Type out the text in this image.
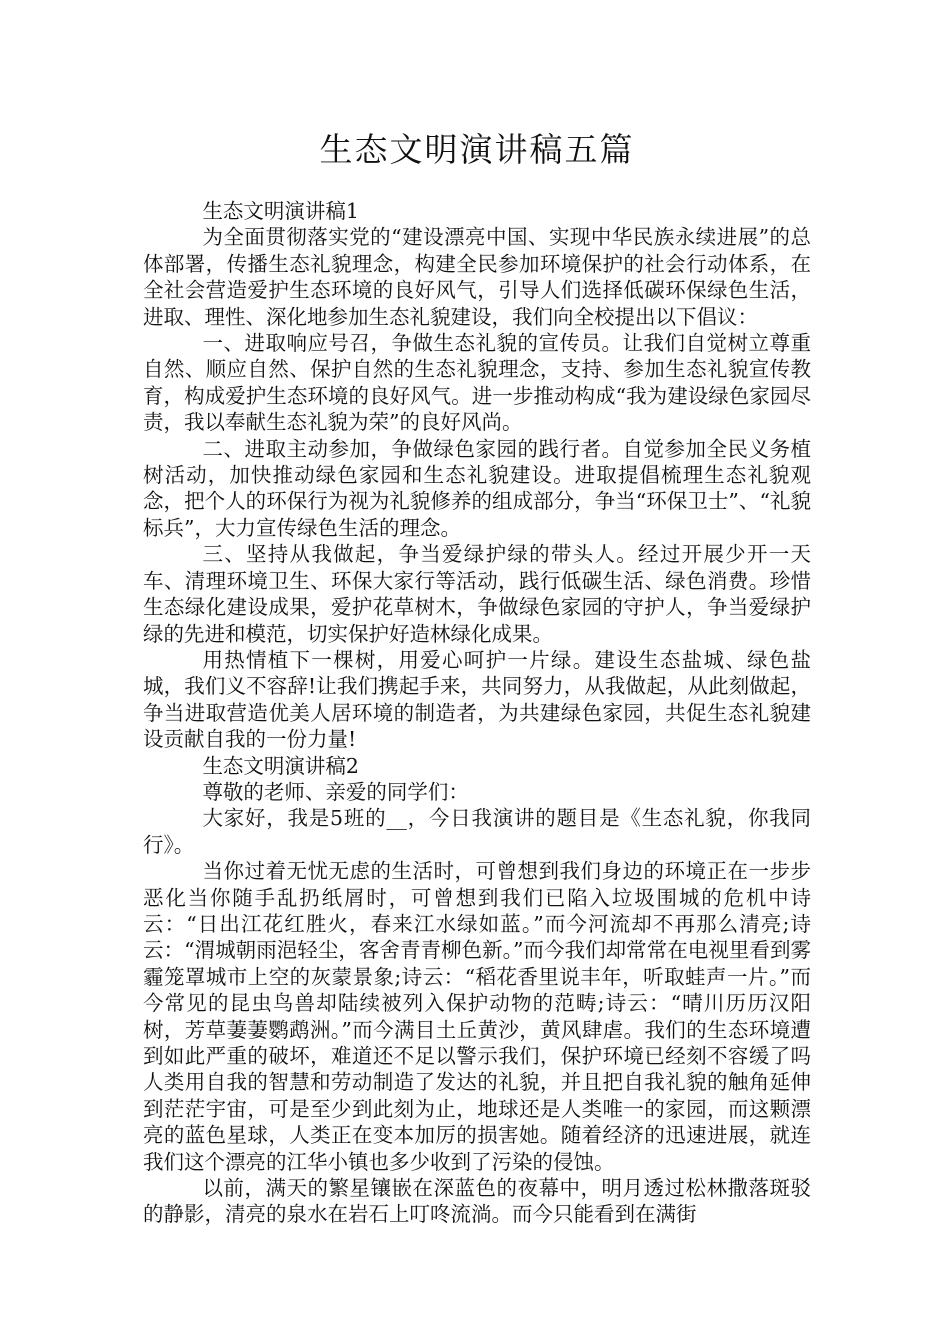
生态文明演讲稿五篇

生态文明演讲稿1

为全面贯彻落实党的“建设漂亮中国、实现中华民族永续进展”的总体部署，传播生态礼貌理念，构建全民参加环境保护的社会行动体系，在全社会营造爱护生态环境的良好风气，引导人们选择低碳环保绿色生活，进取、理性、深化地参加生态礼貌建设，我们向全校提出以下倡议：

一、进取响应号召，争做生态礼貌的宣传员。让我们自觉树立尊重自然、顺应自然、保护自然的生态礼貌理念，支持、参加生态礼貌宣传教育，构成爱护生态环境的良好风气。进一步推动构成“我为建设绿色家园尽责，我以奉献生态礼貌为荣”的良好风尚。

二、进取主动参加，争做绿色家园的践行者。自觉参加全民义务植树活动，加快推动绿色家园和生态礼貌建设。进取提倡梳理生态礼貌观念，把个人的环保行为视为礼貌修养的组成部分，争当“环保卫士”、“礼貌标兵”，大力宣传绿色生活的理念。

三、坚持从我做起，争当爱绿护绿的带头人。经过开展少开一天车、清理环境卫生、环保大家行等活动，践行低碳生活、绿色消费。珍惜生态绿化建设成果，爱护花草树木，争做绿色家园的守护人，争当爱绿护绿的先进和模范，切实保护好造林绿化成果。

用热情植下一棵树，用爱心呵护一片绿。建设生态盐城、绿色盐城，我们义不容辞!让我们携起手来，共同努力，从我做起，从此刻做起，争当进取营造优美人居环境的制造者，为共建绿色家园，共促生态礼貌建设贡献自我的一份力量!

生态文明演讲稿2

尊敬的老师、亲爱的同学们：

大家好，我是5班的__，今日我演讲的题目是《生态礼貌，你我同行》。

当你过着无忧无虑的生活时，可曾想到我们身边的环境正在一步步恶化当你随手乱扔纸屑时，可曾想到我们已陷入垃圾围城的危机中诗云：“日出江花红胜火，春来江水绿如蓝。”而今河流却不再那么清亮;诗云：“渭城朝雨浥轻尘，客舍青青柳色新。”而今我们却常常在电视里看到雾霾笼罩城市上空的灰蒙景象;诗云：“稻花香里说丰年，听取蛙声一片。”而今常见的昆虫鸟兽却陆续被列入保护动物的范畴;诗云：“晴川历历汉阳树，芳草萋萋鹦鹉洲。”而今满目土丘黄沙，黄风肆虐。我们的生态环境遭到如此严重的破坏，难道还不足以警示我们，保护环境已经刻不容缓了吗人类用自我的智慧和劳动制造了发达的礼貌，并且把自我礼貌的触角延伸到茫茫宇宙，可是至少到此刻为止，地球还是人类唯一的家园，而这颗漂亮的蓝色星球，人类正在变本加厉的损害她。随着经济的迅速进展，就连我们这个漂亮的江华小镇也多少收到了污染的侵蚀。

以前，满天的繁星镶嵌在深蓝色的夜幕中，明月透过松林撒落斑驳的静影，清亮的泉水在岩石上叮咚流淌。而今只能看到在满街
